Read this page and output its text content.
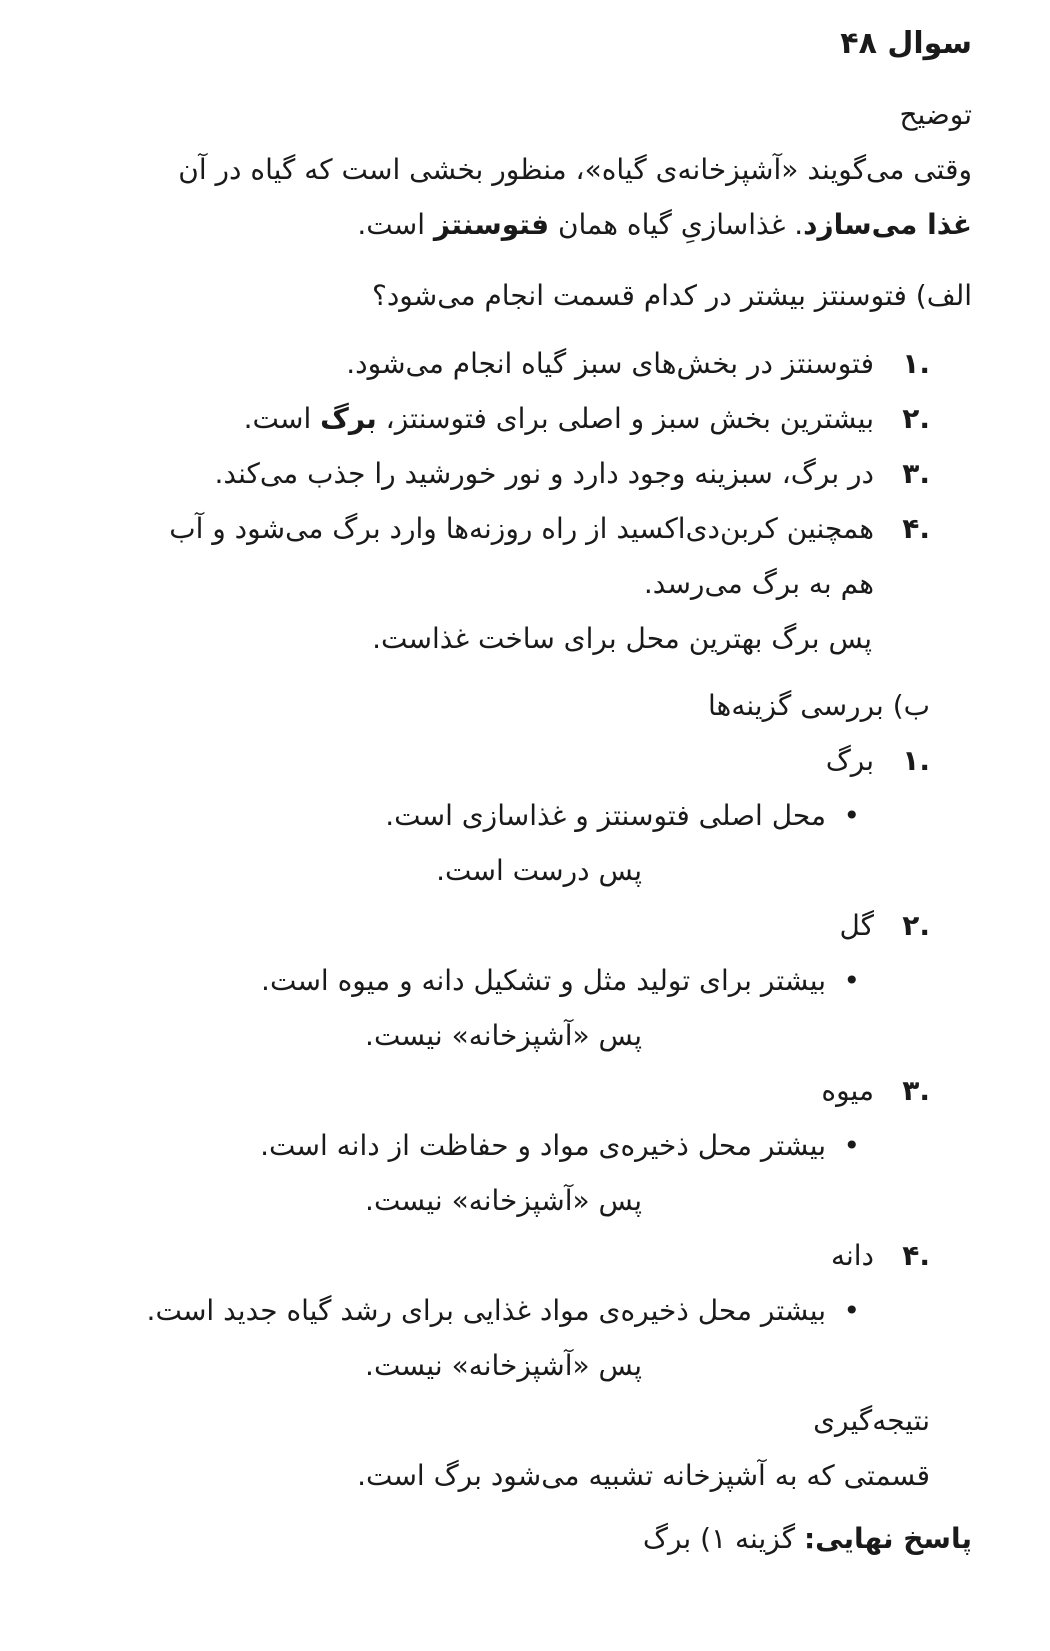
سوال ۴۸
توضیح
وقتی می‌گویند «آشپزخانه‌ی گیاه»، منظور بخشی است که گیاه در آن
غذا می‌سازد. غذاسازیِ گیاه همان فتوسنتز است.
الف) فتوسنتز بیشتر در کدام قسمت انجام می‌شود؟
۱.فتوسنتز در بخش‌های سبز گیاه انجام می‌شود.
۲.بیشترین بخش سبز و اصلی برای فتوسنتز، برگ است.
۳.در برگ، سبزینه وجود دارد و نور خورشید را جذب می‌کند.
۴.همچنین کربن‌دی‌اکسید از راه روزنه‌ها وارد برگ می‌شود و آب
هم به برگ می‌رسد.
پس برگ بهترین محل برای ساخت غذاست.
ب) بررسی گزینه‌ها
۱.برگ
•محل اصلی فتوسنتز و غذاسازی است.
پس درست است.
۲.گل
•بیشتر برای تولید مثل و تشکیل دانه و میوه است.
پس «آشپزخانه» نیست.
۳.میوه
•بیشتر محل ذخیره‌ی مواد و حفاظت از دانه است.
پس «آشپزخانه» نیست.
۴.دانه
•بیشتر محل ذخیره‌ی مواد غذایی برای رشد گیاه جدید است.
پس «آشپزخانه» نیست.
نتیجه‌گیری
قسمتی که به آشپزخانه تشبیه می‌شود برگ است.
پاسخ نهایی: گزینه ۱) برگ
